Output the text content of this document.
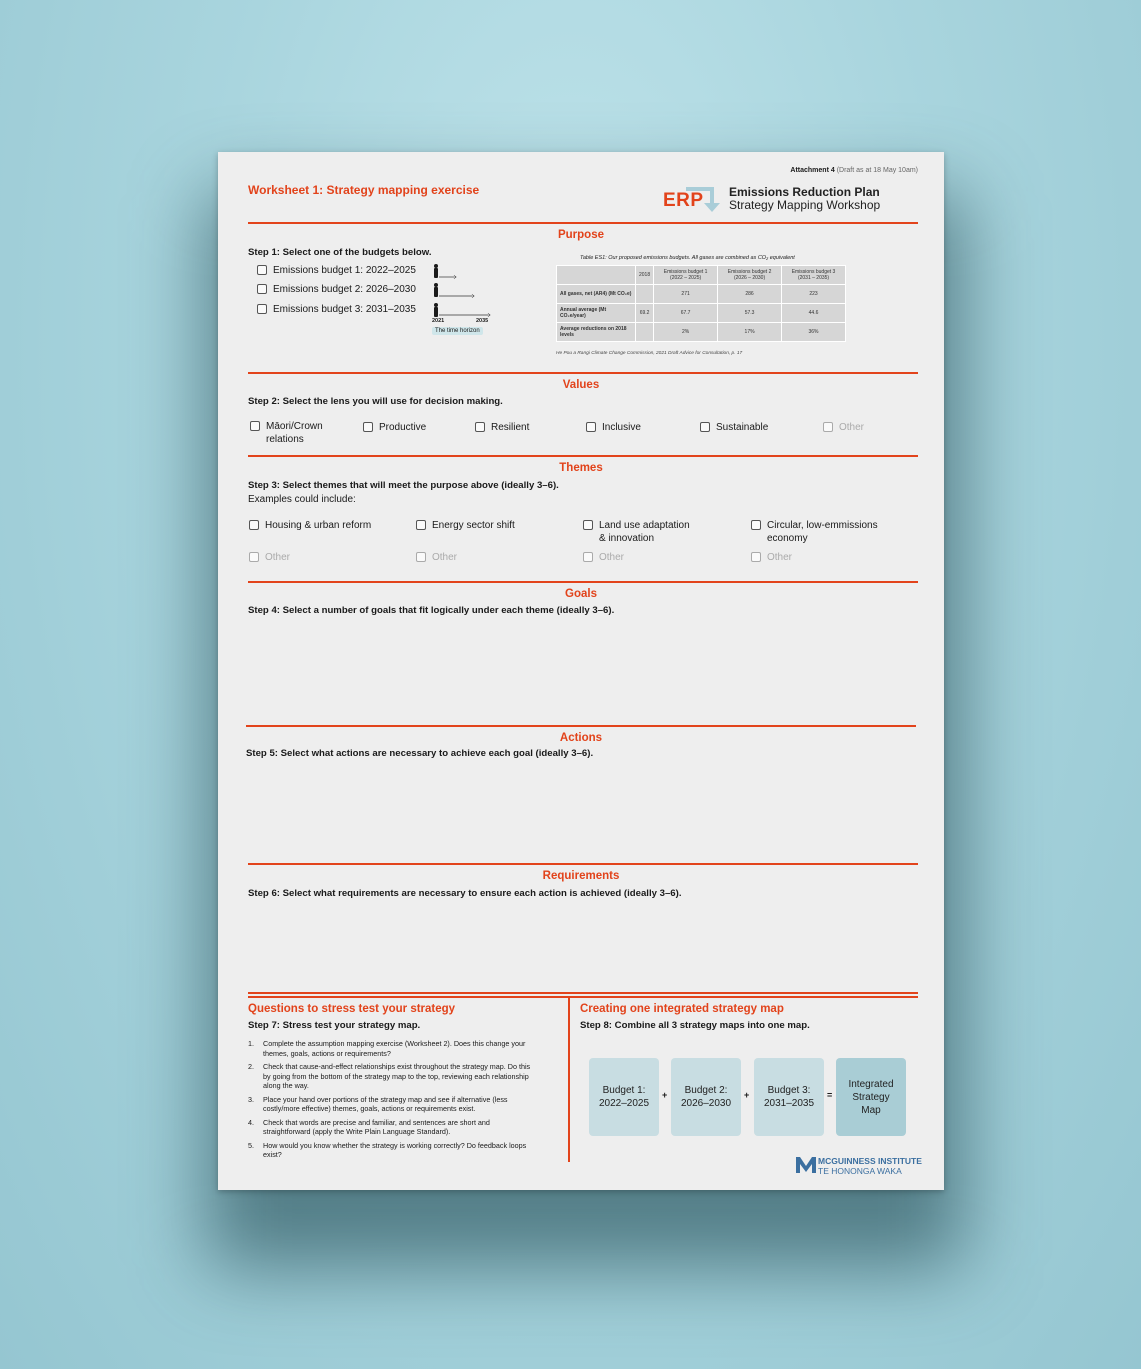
Attachment 4 (Draft as at 18 May 10am)
Worksheet 1: Strategy mapping exercise	ERP Emissions Reduction Plan
Strategy Mapping Workshop
Purpose
Step 1: Select one of the budgets below.
Emissions budget 1: 2022–2025
Emissions budget 2: 2026–2030
Emissions budget 3: 2031–2035
2021	2035
The time horizon
Table ES1: Our proposed emissions budgets. All gases are combined as CO₂ equivalent
	2018	Emissions budget 1 (2022 – 2025)	Emissions budget 2 (2026 – 2030)	Emissions budget 3 (2031 – 2035)
All gases, net (AR4) (Mt CO₂e)		271	286	223
Annual average (Mt CO₂e/year)	69.2	67.7	57.3	44.6
Average reductions on 2018 levels		2%	17%	36%
He Pou a Rangi Climate Change Commission, 2021 Draft Advice for Consultation, p. 17
Values
Step 2: Select the lens you will use for decision making.
Māori/Crown relations
Productive	Resilient	Inclusive	Sustainable	Other
Themes
Step 3: Select themes that will meet the purpose above (ideally 3–6).
Examples could include:
Housing & urban reform	Energy sector shift	Land use adaptation & innovation
Circular, low-emmissions economy
Other	Other	Other	Other
Goals
Step 4: Select a number of goals that fit logically under each theme (ideally 3–6).
Actions
Step 5: Select what actions are necessary to achieve each goal (ideally 3–6).
Requirements
Step 6: Select what requirements are necessary to ensure each action is achieved (ideally 3–6).
Questions to stress test your strategy
Step 7: Stress test your strategy map.
1. Complete the assumption mapping exercise (Worksheet 2). Does this change your themes, goals, actions or requirements?
2. Check that cause-and-effect relationships exist throughout the strategy map. Do this by going from the bottom of the strategy map to the top, reviewing each relationship along the way.
3. Place your hand over portions of the strategy map and see if alternative (less costly/more effective) themes, goals, actions or requirements exist.
4. Check that words are precise and familiar, and sentences are short and straightforward (apply the Write Plain Language Standard).
5. How would you know whether the strategy is working correctly? Do feedback loops exist?
Creating one integrated strategy map
Step 8: Combine all 3 strategy maps into one map.
Budget 1: 2022–2025
+	Budget 2: 2026–2030
+	Budget 3: 2031–2035
=
Integrated Strategy Map
MCGUINNESS INSTITUTE
TE HONONGA WAKA
